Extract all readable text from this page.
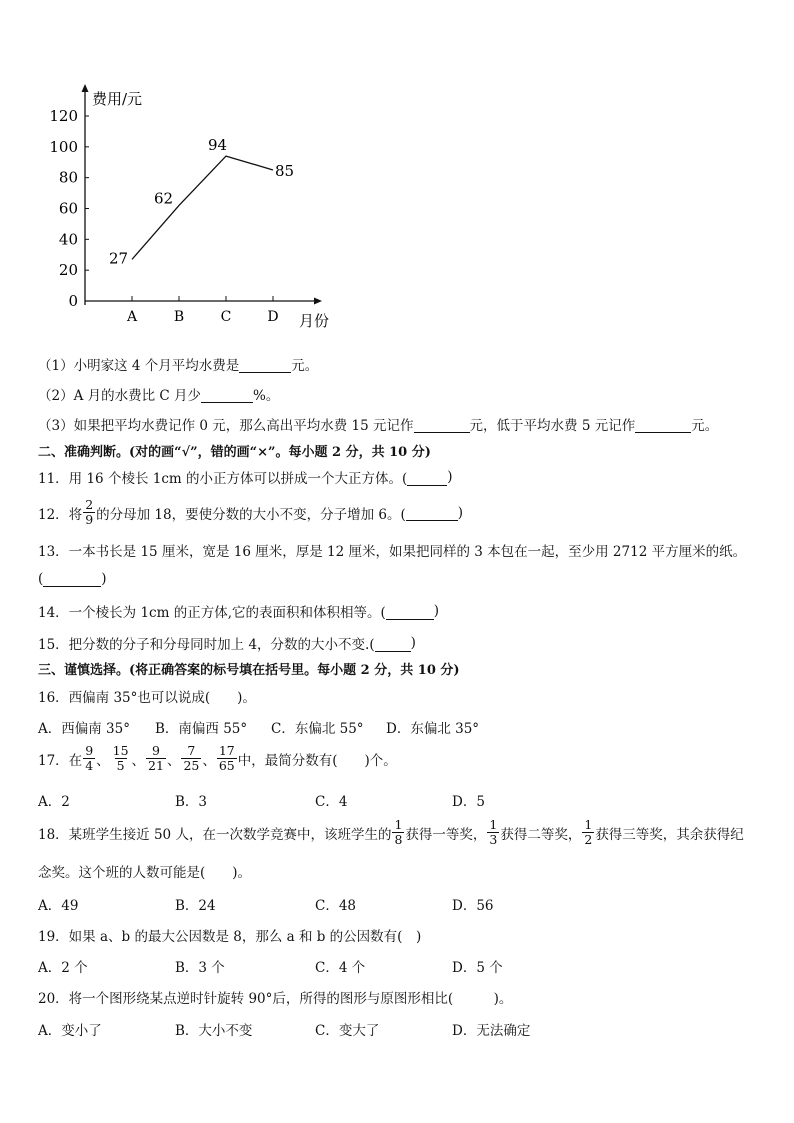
费用/元
月份
0
20
40
60
80
100
120
A	B	C	D
27
62
94
85
（1）小明家这 4 个月平均水费是
	元。
（2）A 月的水费比 C 月少
	%。
（3）如果把平均水费记作 0 元，那么高出平均水费 15 元记作
	元，低于平均水费 5 元记作
	元。
二、准确判断。(对的画“√”，错的画“×”。每小题 2 分，共 10 分)
11．用 16 个棱长 1cm 的小正方体可以拼成一个大正方体。(
	)
12．将 $\frac{2}{9}$ 的分母加 18，要使分数的大小不变，分子增加 6。(
	)
13．一本书长是 15 厘米，宽是 16 厘米，厚是 12 厘米，如果把同样的 3 本包在一起，至少用 2712 平方厘米的纸。
(
	)
14．一个棱长为 1cm 的正方体,它的表面积和体积相等。(
	)
15．把分数的分子和分母同时加上 4，分数的大小不变.(
	)
三、谨慎选择。(将正确答案的标号填在括号里。每小题 2 分，共 10 分)
16．西偏南 35°也可以说成(　　)。
A．西偏南 35° B．南偏西 55° C．东偏北 55° D．东偏北 35°
17．在 $\frac{9}{4}$ 、 $\frac{15}{5}$ 、 $\frac{9}{21}$ 、 $\frac{7}{25}$ 、 $\frac{17}{65}$ 中，最简分数有(　　)个。
A．2	B．3	C．4	D．5
18．某班学生接近 50 人，在一次数学竞赛中，该班学生的 $\frac{1}{8}$ 获得一等奖， $\frac{1}{3}$ 获得二等奖， $\frac{1}{2}$ 获得三等奖，其余获得纪
念奖。这个班的人数可能是(　　)。
A．49	B．24	C．48	D．56
19．如果 a、b 的最大公因数是 8，那么 a 和 b 的公因数有(　)
A．2 个	B．3 个	C．4 个	D．5 个
20．将一个图形绕某点逆时针旋转 90°后，所得的图形与原图形相比(　　　)。
A．变小了	B．大小不变	C．变大了	D．无法确定
